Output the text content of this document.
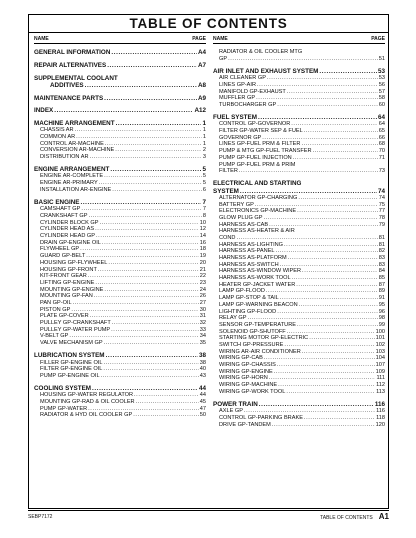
TABLE OF CONTENTS
NAME	PAGE
GENERAL INFORMATION .....	A4
REPAIR ALTERNATIVES .....	A7
SUPPLEMENTAL COOLANT
ADDITIVES .....	A8
MAINTENANCE PARTS .....	A9
INDEX .....	A12
MACHINE ARRANGEMENT .....	1
CHASSIS AR .....	1
COMMON AR .....	1
CONTROL AR-MACHINE .....	1
CONVERSION AR-MACHINE .....	2
DISTRIBUTION AR .....	3
ENGINE ARRANGEMENT .....	5
ENGINE AR-COMPLETE .....	5
ENGINE AR-PRIMARY .....	5
INSTALLATION AR-ENGINE .....	6
BASIC ENGINE .....	7
CAMSHAFT GP .....	7
CRANKSHAFT GP .....	8
CYLINDER BLOCK GP .....	10
CYLINDER HEAD AS .....	12
CYLINDER HEAD GP .....	14
DRAIN GP-ENGINE OIL .....	16
FLYWHEEL GP .....	18
GUARD GP-BELT .....	19
HOUSING GP-FLYWHEEL .....	20
HOUSING GP-FRONT .....	21
KIT-FRONT GEAR .....	22
LIFTING GP-ENGINE .....	23
MOUNTING GP-ENGINE .....	24
MOUNTING GP-FAN .....	26
PAN GP-OIL .....	27
PISTON GP .....	30
PLATE GP-COVER .....	31
PULLEY GP-CRANKSHAFT .....	32
PULLEY GP-WATER PUMP .....	33
V-BELT GP .....	34
VALVE MECHANISM GP .....	35
LUBRICATION SYSTEM .....	38
FILLER GP-ENGINE OIL .....	38
FILTER GP-ENGINE OIL .....	40
PUMP GP-ENGINE OIL .....	43
COOLING SYSTEM .....	44
HOUSING GP-WATER REGULATOR .....	44
MOUNTING GP-RAD & OIL COOLER .....	45
PUMP GP-WATER .....	47
RADIATOR & HYD OIL COOLER GP .....	50
NAME	PAGE
RADIATOR & OIL COOLER MTG
GP .....	51
AIR INLET AND EXHAUST SYSTEM .....	53
AIR CLEANER GP .....	53
LINES GP-AIR .....	56
MANIFOLD GP-EXHAUST .....	57
MUFFLER GP .....	58
TURBOCHARGER GP .....	60
FUEL SYSTEM .....	64
CONTROL GP-GOVERNOR .....	64
FILTER GP-WATER SEP & FUEL .....	65
GOVERNOR GP .....	66
LINES GP-FUEL PRM & FILTER .....	68
PUMP & MTG GP-FUEL TRANSFER .....	70
PUMP GP-FUEL INJECTION .....	71
PUMP GP-FUEL PRM & PRIM
FILTER .....	73
ELECTRICAL AND STARTING
SYSTEM .....	74
ALTERNATOR GP-CHARGING .....	74
BATTERY GP .....	75
ELECTRONICS GP-MACHINE .....	77
GLOW PLUG GP .....	78
HARNESS AS-CAB .....	79
HARNESS AS-HEATER & AIR
COND .....	81
HARNESS AS-LIGHTING .....	81
HARNESS AS-PANEL .....	82
HARNESS AS-PLATFORM .....	83
HARNESS AS-SWITCH .....	83
HARNESS AS-WINDOW WIPER .....	84
HARNESS AS-WORK TOOL .....	85
HEATER GP-JACKET WATER .....	87
LAMP GP-FLOOD .....	89
LAMP GP-STOP & TAIL .....	91
LAMP GP-WARNING BEACON .....	95
LIGHTING GP-FLOOD .....	96
RELAY GP .....	98
SENSOR GP-TEMPERATURE .....	99
SOLENOID GP-SHUTOFF .....	100
STARTING MOTOR GP-ELECTRIC .....	101
SWITCH GP-PRESSURE .....	102
WIRING AR-AIR CONDITIONER .....	103
WIRING GP-CAB .....	104
WIRING GP-CHASSIS .....	107
WIRING GP-ENGINE .....	109
WIRING GP-HORN .....	111
WIRING GP-MACHINE .....	112
WIRING GP-WORK TOOL .....	113
POWER TRAIN .....	116
AXLE GP .....	116
CONTROL GP-PARKING BRAKE .....	118
DRIVE GP-TANDEM .....	120
SEBP7172	TABLE OF CONTENTS A1
